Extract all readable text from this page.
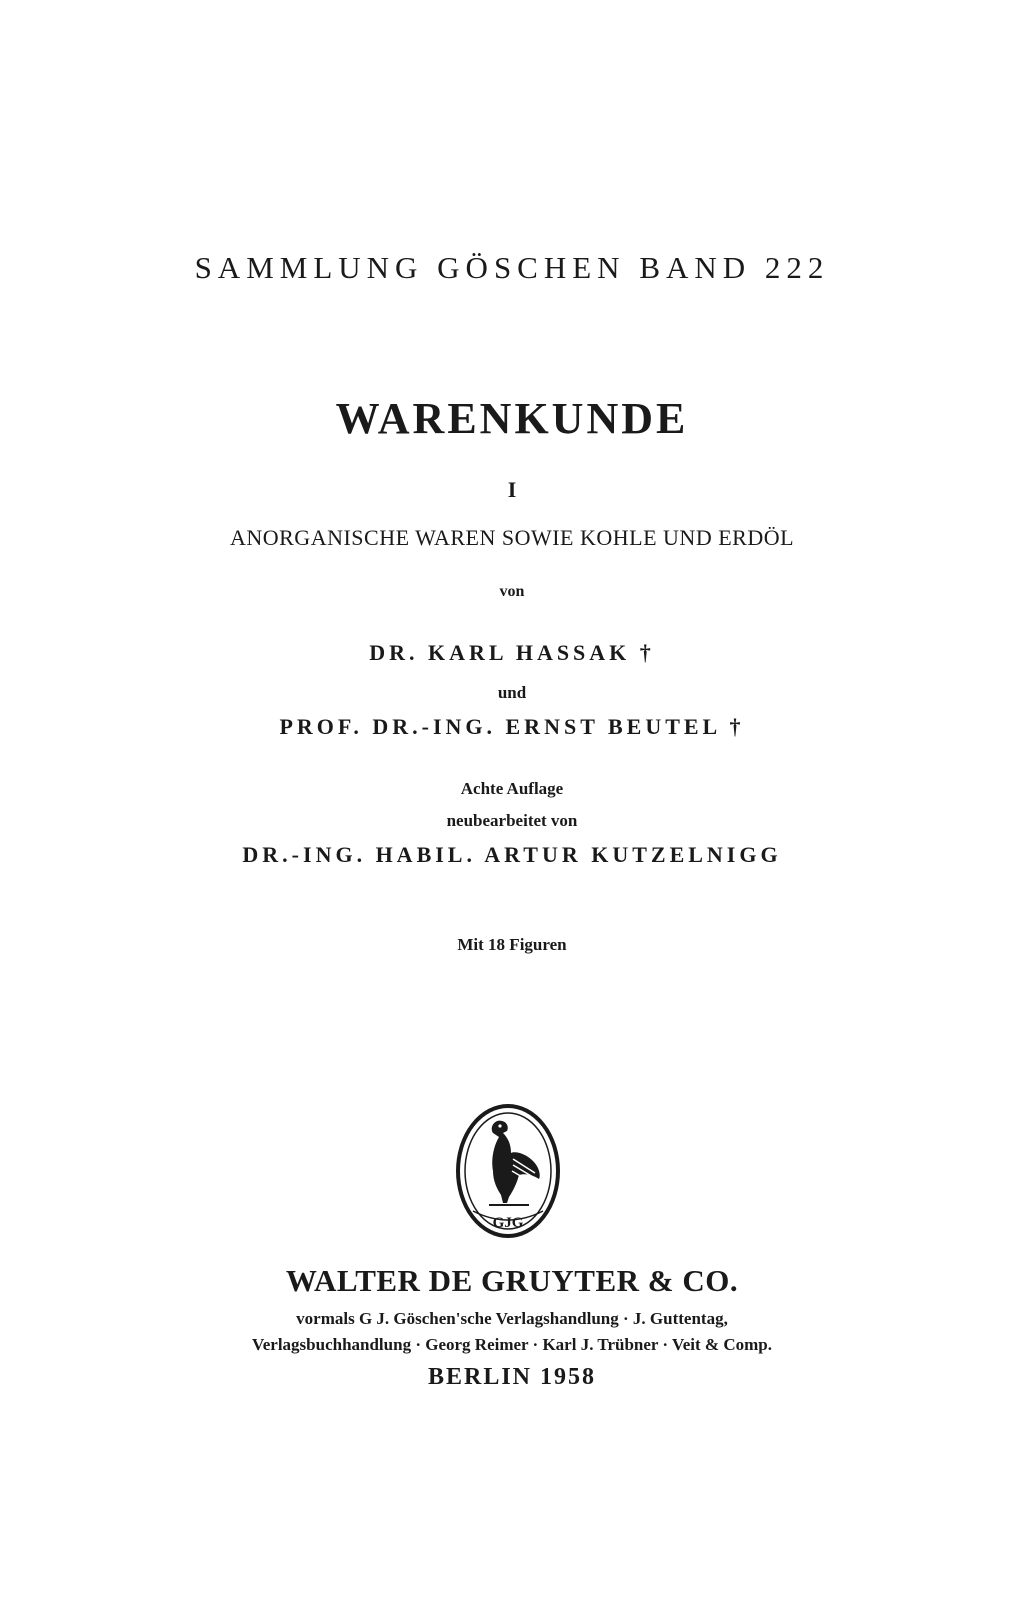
SAMMLUNG GÖSCHEN BAND 222
WARENKUNDE
I
ANORGANISCHE WAREN SOWIE KOHLE UND ERDÖL
von
DR. KARL HASSAK †
und
PROF. DR.-ING. ERNST BEUTEL †
Achte Auflage
neubearbeitet von
DR.-ING. HABIL. ARTUR KUTZELNIGG
Mit 18 Figuren
GJG
WALTER DE GRUYTER & CO.
vormals G J. Göschen'sche Verlagshandlung · J. Guttentag,
Verlagsbuchhandlung · Georg Reimer · Karl J. Trübner · Veit & Comp.
BERLIN 1958
